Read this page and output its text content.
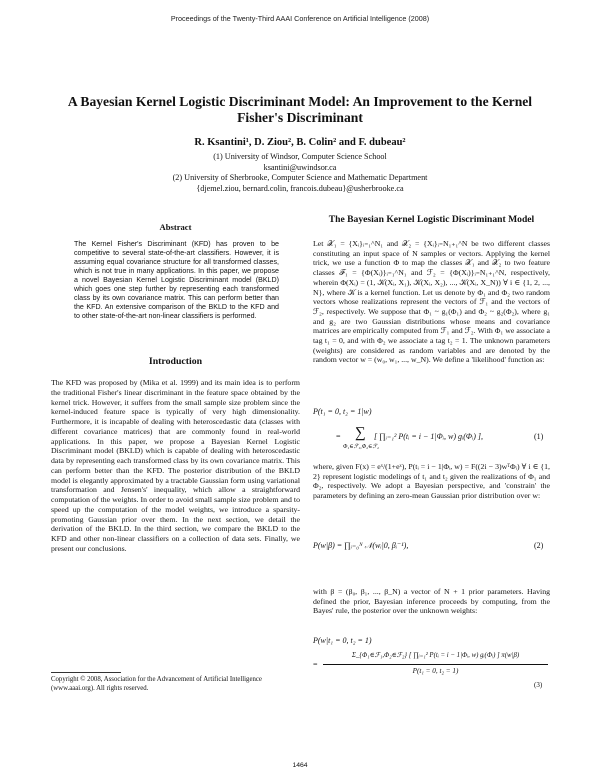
Proceedings of the Twenty-Third AAAI Conference on Artificial Intelligence (2008)
A Bayesian Kernel Logistic Discriminant Model: An Improvement to the Kernel Fisher's Discriminant
R. Ksantini¹, D. Ziou², B. Colin² and F. dubeau²
(1) University of Windsor, Computer Science School
ksantini@uwindsor.ca
(2) University of Sherbrooke, Computer Science and Mathematic Department
{djemel.ziou, bernard.colin, francois.dubeau}@usherbrooke.ca
Abstract
The Kernel Fisher's Discriminant (KFD) has proven to be competitive to several state-of-the-art classifiers. However, it is assuming equal covariance structure for all transformed classes, which is not true in many applications. In this paper, we propose a novel Bayesian Kernel Logistic Discriminant model (BKLD) which goes one step further by representing each transformed class by its own covariance matrix. This can perform better than the KFD. An extensive comparison of the BKLD to the KFD and to other state-of-the-art non-linear classifiers is performed.
Introduction
The KFD was proposed by (Mika et al. 1999) and its main idea is to perform the traditional Fisher's linear discriminant in the feature space obtained by the kernel trick. However, it suffers from the small sample size problem since the kernel-induced feature space is typically of very high dimensionality. Furthermore, it is incapable of dealing with heteroscedastic data (classes with different covariance matrices) that are commonly found in real-world applications. In this paper, we propose a Bayesian Kernel Logistic Discriminant model (BKLD) which is capable of dealing with heteroscedastic data by representing each transformed class by its own covariance matrix. This can perform better than the KFD. The posterior distribution of the BKLD model is elegantly approximated by a tractable Gaussian form using variational transformation and Jensen's' inequality, which allow a straightforward computation of the weights. In order to avoid small sample size problem and to speed up the computation of the model weights, we introduce a sparsity-promoting Gaussian prior over them. In the next section, we detail the derivation of the BKLD. In the third section, we compare the BKLD to the KFD and other non-linear classifiers on a collection of data sets. Finally, we present our conclusions.
Copyright © 2008, Association for the Advancement of Artificial Intelligence (www.aaai.org). All rights reserved.
The Bayesian Kernel Logistic Discriminant Model
Let 𝒳₁ = {Xᵢ}ᵢ₌₁^N₁ and 𝒳₂ = {Xᵢ}ᵢ₌N₁₊₁^N be two different classes constituting an input space of N samples or vectors. Applying the kernel trick, we use a function Φ to map the classes 𝒳₁ and 𝒳₂ to two feature classes ℱ₁ = {Φ(Xᵢ)}ᵢ₌₁^N₁ and ℱ₂ = {Φ(Xᵢ)}ᵢ₌N₁₊₁^N, respectively, wherein Φ(Xᵢ) = (1, 𝒦(Xᵢ, X₁), 𝒦(Xᵢ, X₂), ..., 𝒦(Xᵢ, X_N)) ∀ i ∈ {1, 2, ..., N}, where 𝒦 is a kernel function. Let us denote by Φ₁ and Φ₂ two random vectors whose realizations represent the vectors of ℱ₁ and the vectors of ℱ₂, respectively. We suppose that Φ₁ ~ g₁(Φ₁) and Φ₂ ~ g₂(Φ₂), where g₁ and g₂ are two Gaussian distributions whose means and covariance matrices are empirically computed from ℱ₁ and ℱ₂. With Φ₁ we associate a tag t₁ = 0, and with Φ₂ we associate a tag t₂ = 1. The unknown parameters (weights) are considered as random variables and are denoted by the random vector w = (w₀, w₁, ..., w_N). We define a 'likelihood' function as:
P(t₁ = 0, t₂ = 1|w)
= ∑
Φ₁∈ℱ₁,Φ₂∈ℱ₂
[ ∏ᵢ₌₁² P(tᵢ = i − 1|Φᵢ, w) gᵢ(Φᵢ) ],	(1)
where, given F(x) = eˣ/(1+eˣ), P(tᵢ = i − 1|Φᵢ, w) = F((2i − 3)wᵀΦᵢ) ∀ i ∈ {1, 2} represent logistic modelings of t₁ and t₂ given the realizations of Φ₁ and Φ₂, respectively. We adopt a Bayesian perspective, and 'constrain' the parameters by defining an zero-mean Gaussian prior distribution over w:
P(w|β) = ∏ᵢ₌₀ᴺ 𝒩(wᵢ|0, βᵢ⁻¹),	(2)
with β = (β₀, β₁, ..., β_N) a vector of N + 1 prior parameters. Having defined the prior, Bayesian inference proceeds by computing, from the Bayes' rule, the posterior over the unknown weights:
P(w|t₁ = 0, t₂ = 1)
=
Σ_{Φ₁∈ℱ₁,Φ₂∈ℱ₂} [ ∏ᵢ₌₁² P(tᵢ = i − 1|Φᵢ, w) gᵢ(Φᵢ) ] π(w|β)
P(t₁ = 0, t₂ = 1)
(3)
1464
